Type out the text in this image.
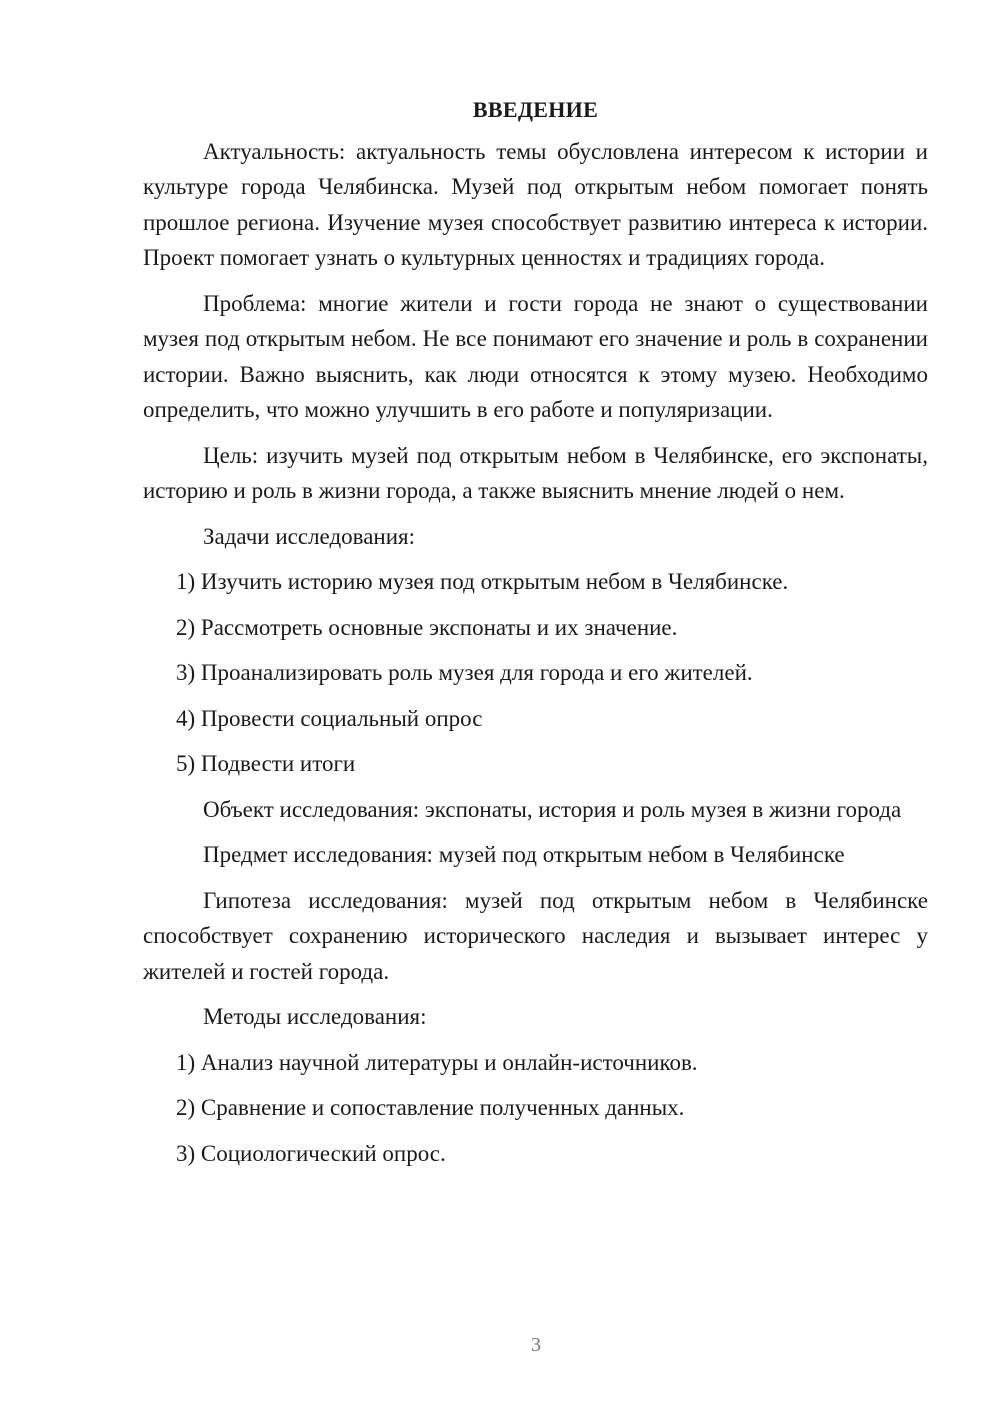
ВВЕДЕНИЕ

Актуальность: актуальность темы обусловлена интересом к истории и культуре города Челябинска. Музей под открытым небом помогает понять прошлое региона. Изучение музея способствует развитию интереса к истории. Проект помогает узнать о культурных ценностях и традициях города.

Проблема: многие жители и гости города не знают о существовании музея под открытым небом. Не все понимают его значение и роль в сохранении истории. Важно выяснить, как люди относятся к этому музею. Необходимо определить, что можно улучшить в его работе и популяризации.

Цель: изучить музей под открытым небом в Челябинске, его экспонаты, историю и роль в жизни города, а также выяснить мнение людей о нем.

Задачи исследования:

1) Изучить историю музея под открытым небом в Челябинске.

2) Рассмотреть основные экспонаты и их значение.

3) Проанализировать роль музея для города и его жителей.

4) Провести социальный опрос

5) Подвести итоги

Объект исследования: экспонаты, история и роль музея в жизни города

Предмет исследования: музей под открытым небом в Челябинске

Гипотеза исследования: музей под открытым небом в Челябинске способствует сохранению исторического наследия и вызывает интерес у жителей и гостей города.

Методы исследования:

1) Анализ научной литературы и онлайн-источников.

2) Сравнение и сопоставление полученных данных.

3) Социологический опрос.

3
